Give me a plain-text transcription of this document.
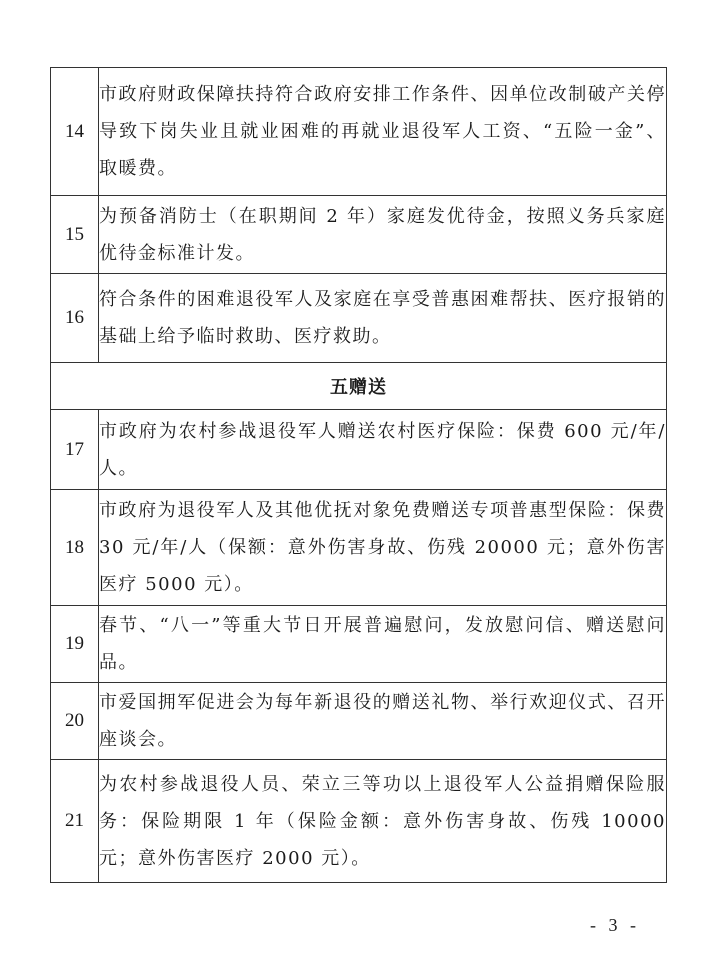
14	市政府财政保障扶持符合政府安排工作条件、因单位改制破产关停导致下岗失业且就业困难的再就业退役军人工资、“五险一金”、取暖费。
15	为预备消防士（在职期间 2 年）家庭发优待金，按照义务兵家庭优待金标准计发。
16	符合条件的困难退役军人及家庭在享受普惠困难帮扶、医疗报销的基础上给予临时救助、医疗救助。
五赠送	
17	市政府为农村参战退役军人赠送农村医疗保险：保费 600 元/年/人。
18	市政府为退役军人及其他优抚对象免费赠送专项普惠型保险：保费 30 元/年/人（保额：意外伤害身故、伤残 20000 元；意外伤害医疗 5000 元）。
19	春节、“八一”等重大节日开展普遍慰问，发放慰问信、赠送慰问品。
20	市爱国拥军促进会为每年新退役的赠送礼物、举行欢迎仪式、召开座谈会。
21	为农村参战退役人员、荣立三等功以上退役军人公益捐赠保险服务：保险期限 1 年（保险金额：意外伤害身故、伤残 10000 元；意外伤害医疗 2000 元）。
- 3 -
